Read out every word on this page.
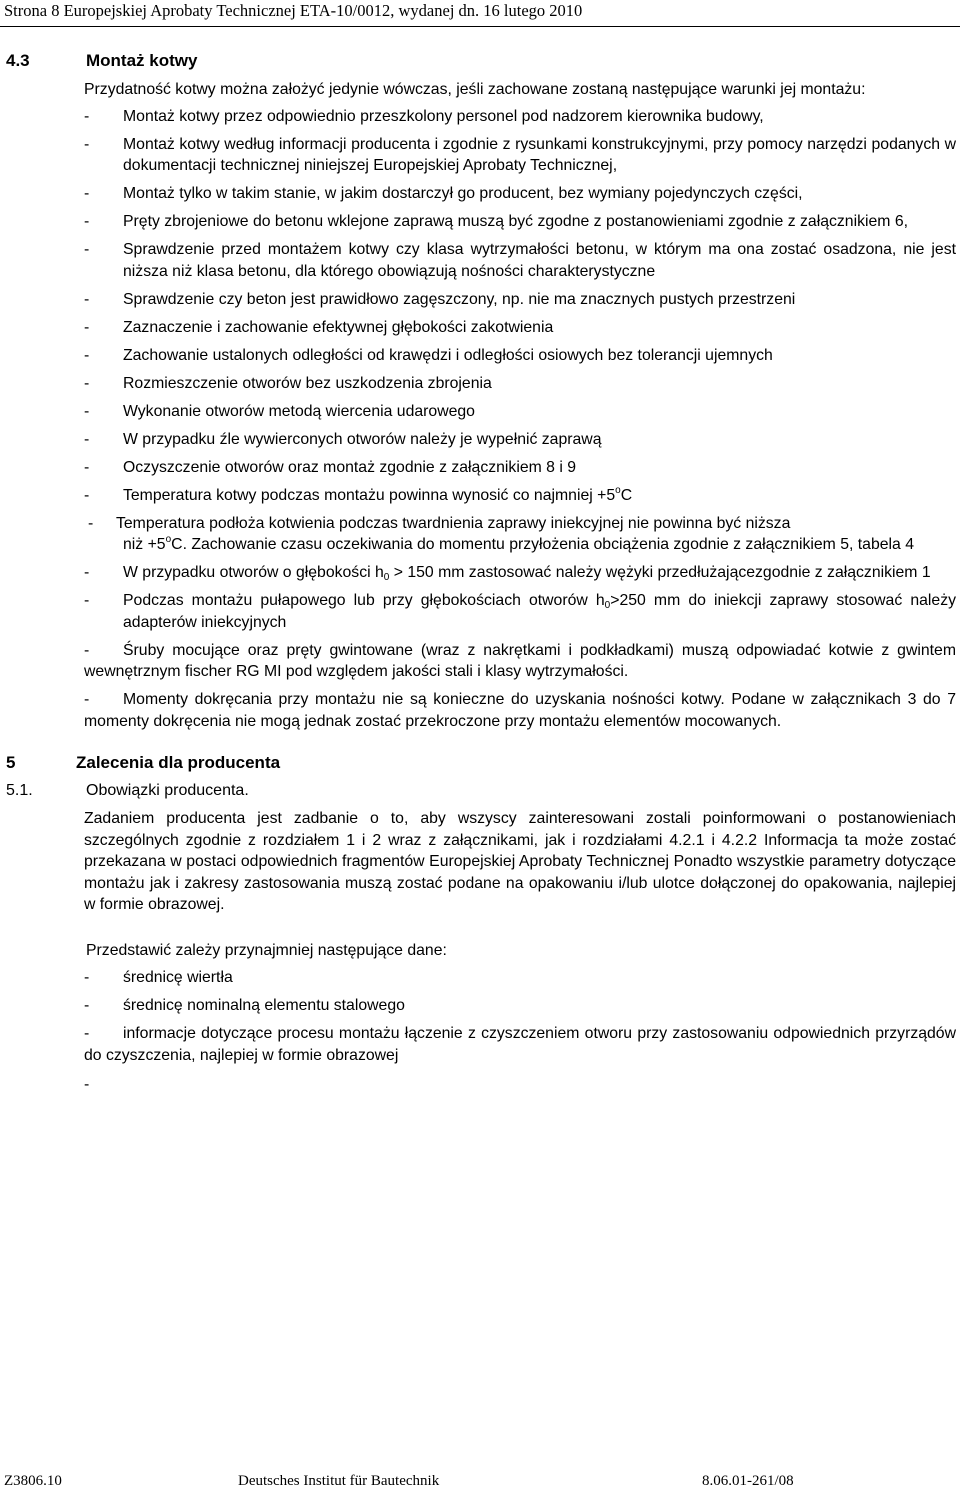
Strona 8 Europejskiej Aprobaty Technicznej ETA-10/0012, wydanej dn. 16 lutego 2010
4.3	Montaż kotwy
Przydatność kotwy można założyć jedynie wówczas, jeśli zachowane zostaną następujące warunki jej montażu:
- Montaż kotwy przez odpowiednio przeszkolony personel pod nadzorem kierownika budowy,
- Montaż kotwy według informacji producenta i zgodnie z rysunkami konstrukcyjnymi, przy pomocy narzędzi podanych w dokumentacji technicznej niniejszej Europejskiej Aprobaty Technicznej,
- Montaż tylko w takim stanie, w jakim dostarczył go producent, bez wymiany pojedynczych części,
- Pręty zbrojeniowe do betonu wklejone zaprawą muszą być zgodne z postanowieniami zgodnie z załącznikiem 6,
- Sprawdzenie przed montażem kotwy czy klasa wytrzymałości betonu, w którym ma ona zostać osadzona, nie jest niższa niż klasa betonu, dla którego obowiązują nośności charakterystyczne
- Sprawdzenie czy beton jest prawidłowo zagęszczony, np. nie ma znacznych pustych przestrzeni
- Zaznaczenie i zachowanie efektywnej głębokości zakotwienia
- Zachowanie ustalonych odległości od krawędzi i odległości osiowych bez tolerancji ujemnych
- Rozmieszczenie otworów bez uszkodzenia zbrojenia
- Wykonanie otworów metodą wiercenia udarowego
- W przypadku źle wywierconych otworów należy je wypełnić zaprawą
- Oczyszczenie otworów oraz montaż zgodnie z załącznikiem 8 i 9
- Temperatura kotwy podczas montażu powinna wynosić co najmniej $+5^oC$
- Temperatura podłoża kotwienia podczas twardnienia zaprawy iniekcyjnej nie powinna być niższa
niż $+5^oC$. Zachowanie czasu oczekiwania do momentu przyłożenia obciążenia zgodnie z załącznikiem 5, tabela 4
- W przypadku otworów o głębokości $h_0 > 150$ mm zastosować należy wężyki przedłużającezgodnie z załącznikiem 1
- Podczas montażu pułapowego lub przy głębokościach otworów $h_0>250$ mm do iniekcji zaprawy stosować należy adapterów iniekcyjnych
- Śruby mocujące oraz pręty gwintowane (wraz z nakrętkami i podkładkami) muszą odpowiadać kotwie z gwintem wewnętrznym fischer RG MI pod względem jakości stali i klasy wytrzymałości.
- Momenty dokręcania przy montażu nie są konieczne do uzyskania nośności kotwy. Podane w załącznikach 3 do 7 momenty dokręcenia nie mogą jednak zostać przekroczone przy montażu elementów mocowanych.
5	Zalecenia dla producenta
5.1.	Obowiązki producenta.
Zadaniem producenta jest zadbanie o to, aby wszyscy zainteresowani zostali poinformowani o postanowieniach szczególnych zgodnie z rozdziałem 1 i 2 wraz z załącznikami, jak i rozdziałami 4.2.1 i 4.2.2 Informacja ta może zostać przekazana w postaci odpowiednich fragmentów Europejskiej Aprobaty Technicznej Ponadto wszystkie parametry dotyczące montażu jak i zakresy zastosowania muszą zostać podane na opakowaniu i/lub ulotce dołączonej do opakowania, najlepiej w formie obrazowej.
Przedstawić zależy przynajmniej następujące dane:
- średnicę wiertła
- średnicę nominalną elementu stalowego
- informacje dotyczące procesu montażu łączenie z czyszczeniem otworu przy zastosowaniu odpowiednich przyrządów do czyszczenia, najlepiej w formie obrazowej
-
Z3806.10	Deutsches Institut für Bautechnik	8.06.01-261/08
